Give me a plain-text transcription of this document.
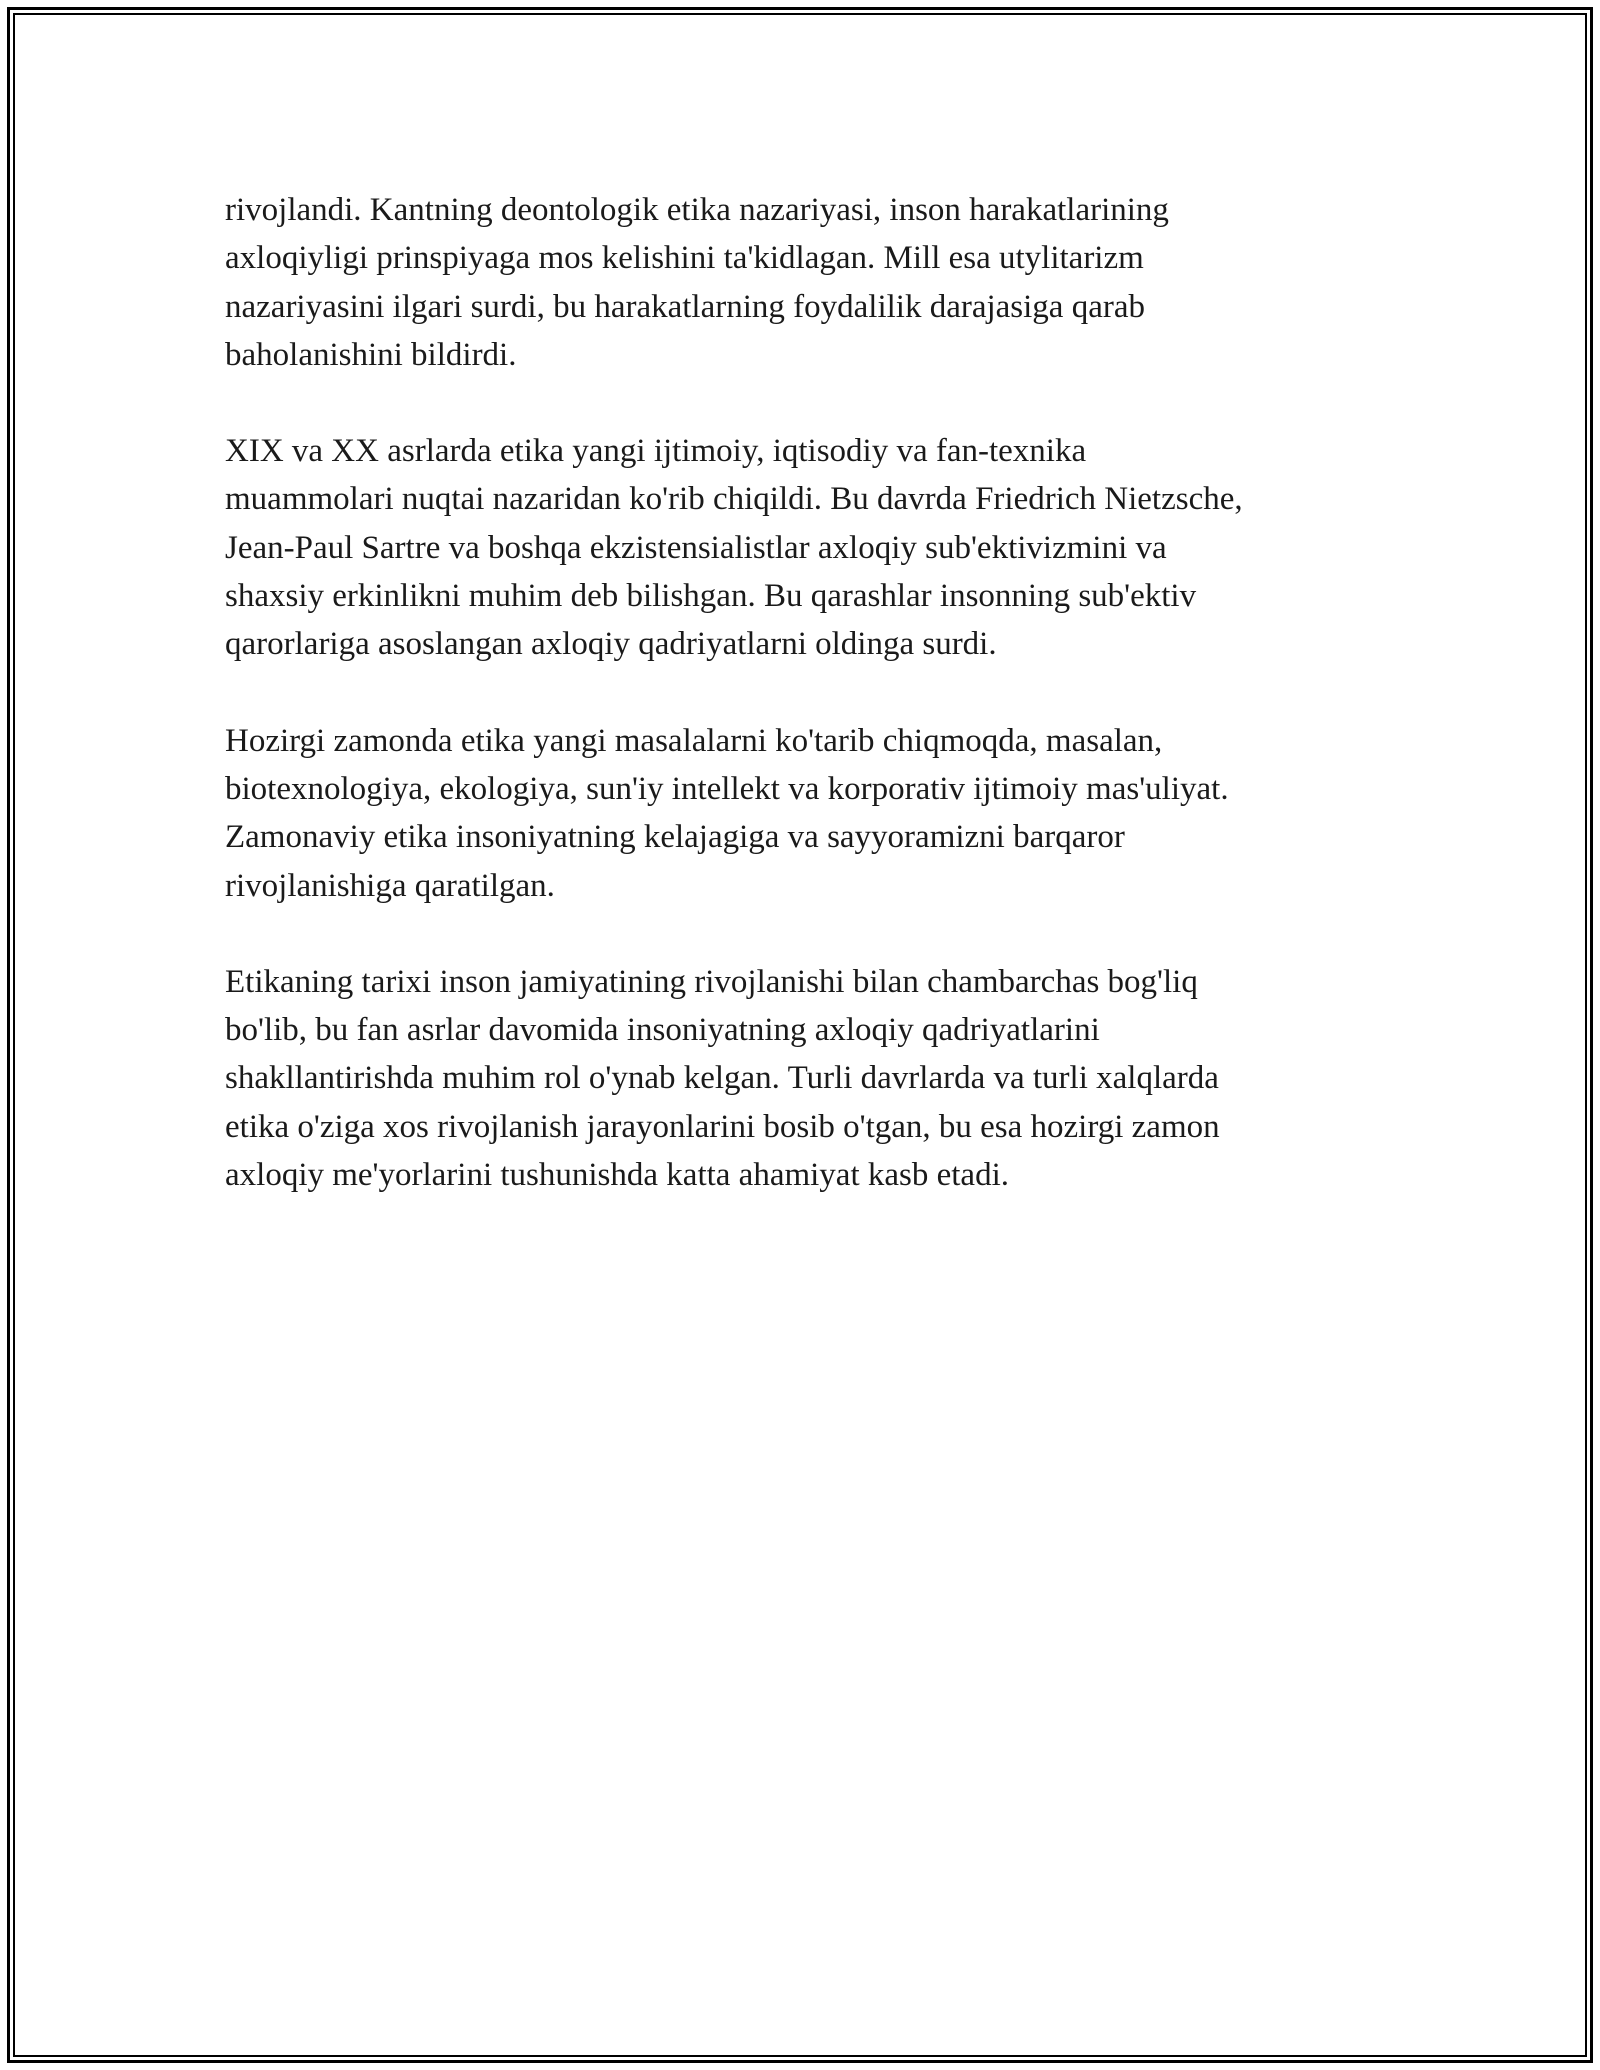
rivojlandi. Kantning deontologik etika nazariyasi, inson harakatlarining
axloqiyligi prinspiyaga mos kelishini ta'kidlagan. Mill esa utylitarizm
nazariyasini ilgari surdi, bu harakatlarning foydalilik darajasiga qarab
baholanishini bildirdi.

XIX va XX asrlarda etika yangi ijtimoiy, iqtisodiy va fan-texnika
muammolari nuqtai nazaridan ko'rib chiqildi. Bu davrda Friedrich Nietzsche,
Jean-Paul Sartre va boshqa ekzistensialistlar axloqiy sub'ektivizmini va
shaxsiy erkinlikni muhim deb bilishgan. Bu qarashlar insonning sub'ektiv
qarorlariga asoslangan axloqiy qadriyatlarni oldinga surdi.

Hozirgi zamonda etika yangi masalalarni ko'tarib chiqmoqda, masalan,
biotexnologiya, ekologiya, sun'iy intellekt va korporativ ijtimoiy mas'uliyat.
Zamonaviy etika insoniyatning kelajagiga va sayyoramizni barqaror
rivojlanishiga qaratilgan.

Etikaning tarixi inson jamiyatining rivojlanishi bilan chambarchas bog'liq
bo'lib, bu fan asrlar davomida insoniyatning axloqiy qadriyatlarini
shakllantirishda muhim rol o'ynab kelgan. Turli davrlarda va turli xalqlarda
etika o'ziga xos rivojlanish jarayonlarini bosib o'tgan, bu esa hozirgi zamon
axloqiy me'yorlarini tushunishda katta ahamiyat kasb etadi.
